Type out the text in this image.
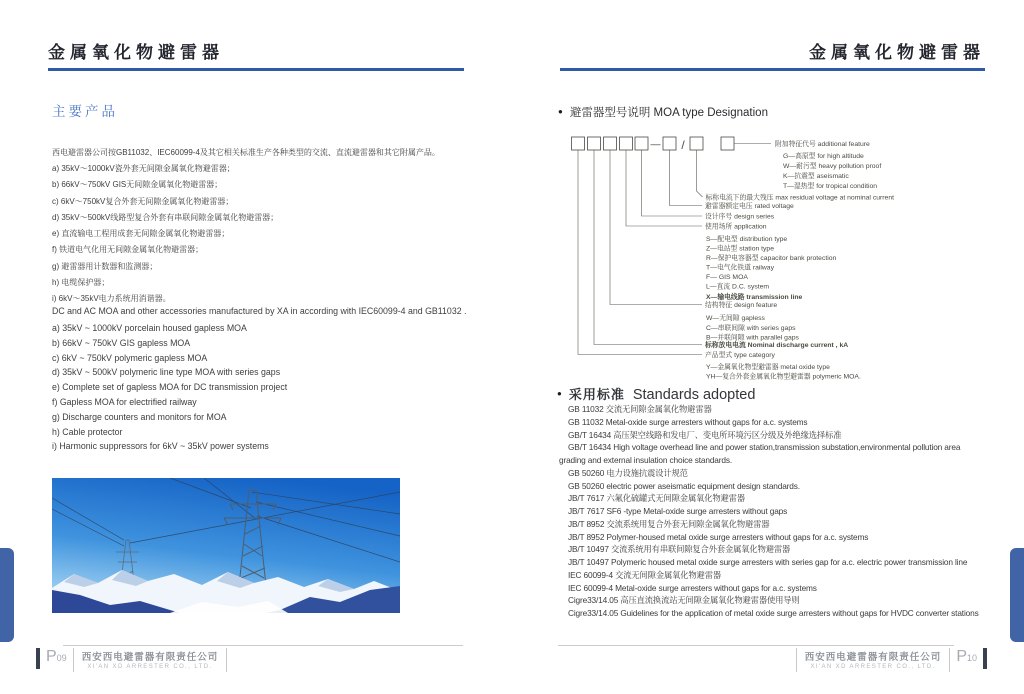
金属氧化物避雷器
主要产品
西电避雷器公司按GB11032、IEC60099-4及其它相关标准生产各种类型的交流、直流避雷器和其它附属产品。
a) 35kV～1000kV瓷外套无间隙金属氧化物避雷器；
b) 66kV～750kV GIS无间隙金属氧化物避雷器；
c) 6kV～750kV复合外套无间隙金属氧化物避雷器；
d) 35kV～500kV线路型复合外套有串联间隙金属氧化物避雷器；
e) 直流输电工程用成套无间隙金属氧化物避雷器；
f) 铁道电气化用无间隙金属氧化物避雷器；
g) 避雷器用计数器和监测器；
h) 电缆保护器；
i) 6kV～35kV电力系统用消谐器。
DC and AC MOA and other accessories manufactured by XA in according with IEC60099-4 and GB11032 .
a) 35kV ~ 1000kV porcelain housed gapless MOA
b) 66kV ~ 750kV GIS gapless MOA
c) 6kV ~ 750kV polymeric gapless MOA
d) 35kV ~ 500kV polymeric line type MOA with series gaps
e) Complete set of gapless MOA for DC transmission project
f) Gapless MOA for electrified railway
g) Discharge counters and monitors for MOA
h) Cable protector
i) Harmonic suppressors for 6kV ~ 35kV power systems
P09 西安西电避雷器有限责任公司
XI'AN XD ARRESTER CO., LTD.
金属氧化物避雷器
● 避雷器型号说明 MOA type Designation
— /	附加特征代号 additional feature
G—高原型 for high altitude
W—耐污型 heavy pollution proof
K—抗震型 aseismatic
T—湿热型 for tropical condition
标称电流下的最大残压 max residual voltage at nominal current
避雷器额定电压 rated voltage
设计序号 design series
使用场所 application
S—配电型 distribution type
Z—电站型 station type
R—保护电容器型 capacitor bank protection
T—电气化铁道 railway
F— GIS MOA
L—直流 D.C. system
X—输电线路 transmission line
结构特征 design feature
W—无间隙 gapless
C—串联间隙 with series gaps
B—并联间隙 with parallel gaps
标称放电电流 Nominal discharge current , kA
产品型式 type category
Y—金属氧化物型避雷器 metal oxide type
YH—复合外套金属氧化物型避雷器 polymeric MOA.
● 采用标准 Standards adopted
GB 11032 交流无间隙金属氧化物避雷器
GB 11032 Metal-oxide surge arresters without gaps for a.c. systems
GB/T 16434 高压架空线路和发电厂、变电所环境污区分级及外绝缘选择标准
GB/T 16434 High voltage overhead line and power station,transmission substation,environmental pollution area
grading and external insulation choice standards.
GB 50260 电力设施抗震设计规范
GB 50260 electric power aseismatic equipment design standards.
JB/T 7617 六氟化硫罐式无间隙金属氧化物避雷器
JB/T 7617 SF6 -type Metal-oxide surge arresters without gaps
JB/T 8952 交流系统用复合外套无间隙金属氧化物避雷器
JB/T 8952 Polymer-housed metal oxide surge arresters without gaps for a.c. systems
JB/T 10497 交流系统用有串联间隙复合外套金属氧化物避雷器
JB/T 10497 Polymeric housed metal oxide surge arresters with series gap for a.c. electric power transmission line
IEC 60099-4 交流无间隙金属氧化物避雷器
IEC 60099-4 Metal-oxide surge arresters without gaps for a.c. systems
Cigre33/14.05 高压直流换流站无间隙金属氧化物避雷器使用导则
Cigre33/14.05 Guidelines for the application of metal oxide surge arresters without gaps for HVDC converter stations
西安西电避雷器有限责任公司
XI'AN XD ARRESTER CO., LTD.
P10
